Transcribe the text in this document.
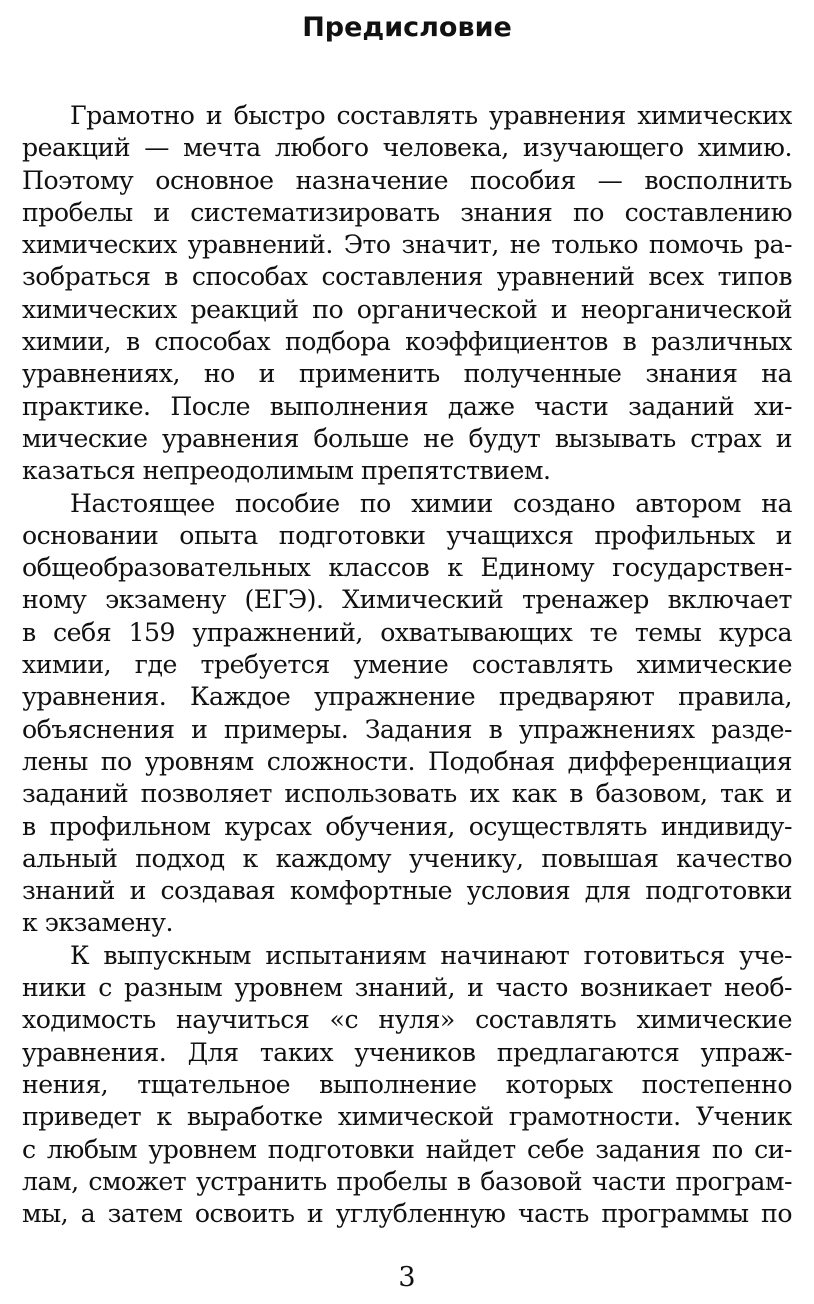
Предисловие
Грамотно и быстро составлять уравнения химических
реакций — мечта любого человека, изучающего химию.
Поэтому основное назначение пособия — восполнить
пробелы и систематизировать знания по составлению
химических уравнений. Это значит, не только помочь ра-
зобраться в способах составления уравнений всех типов
химических реакций по органической и неорганической
химии, в способах подбора коэффициентов в различных
уравнениях, но и применить полученные знания на
практике. После выполнения даже части заданий хи-
мические уравнения больше не будут вызывать страх и
казаться непреодолимым препятствием.
Настоящее пособие по химии создано автором на
основании опыта подготовки учащихся профильных и
общеобразовательных классов к Единому государствен-
ному экзамену (ЕГЭ). Химический тренажер включает
в себя 159 упражнений, охватывающих те темы курса
химии, где требуется умение составлять химические
уравнения. Каждое упражнение предваряют правила,
объяснения и примеры. Задания в упражнениях разде-
лены по уровням сложности. Подобная дифференциация
заданий позволяет использовать их как в базовом, так и
в профильном курсах обучения, осуществлять индивиду-
альный подход к каждому ученику, повышая качество
знаний и создавая комфортные условия для подготовки
к экзамену.
К выпускным испытаниям начинают готовиться уче-
ники с разным уровнем знаний, и часто возникает необ-
ходимость научиться «с нуля» составлять химические
уравнения. Для таких учеников предлагаются упраж-
нения, тщательное выполнение которых постепенно
приведет к выработке химической грамотности. Ученик
с любым уровнем подготовки найдет себе задания по си-
лам, сможет устранить пробелы в базовой части програм-
мы, а затем освоить и углубленную часть программы по
3
